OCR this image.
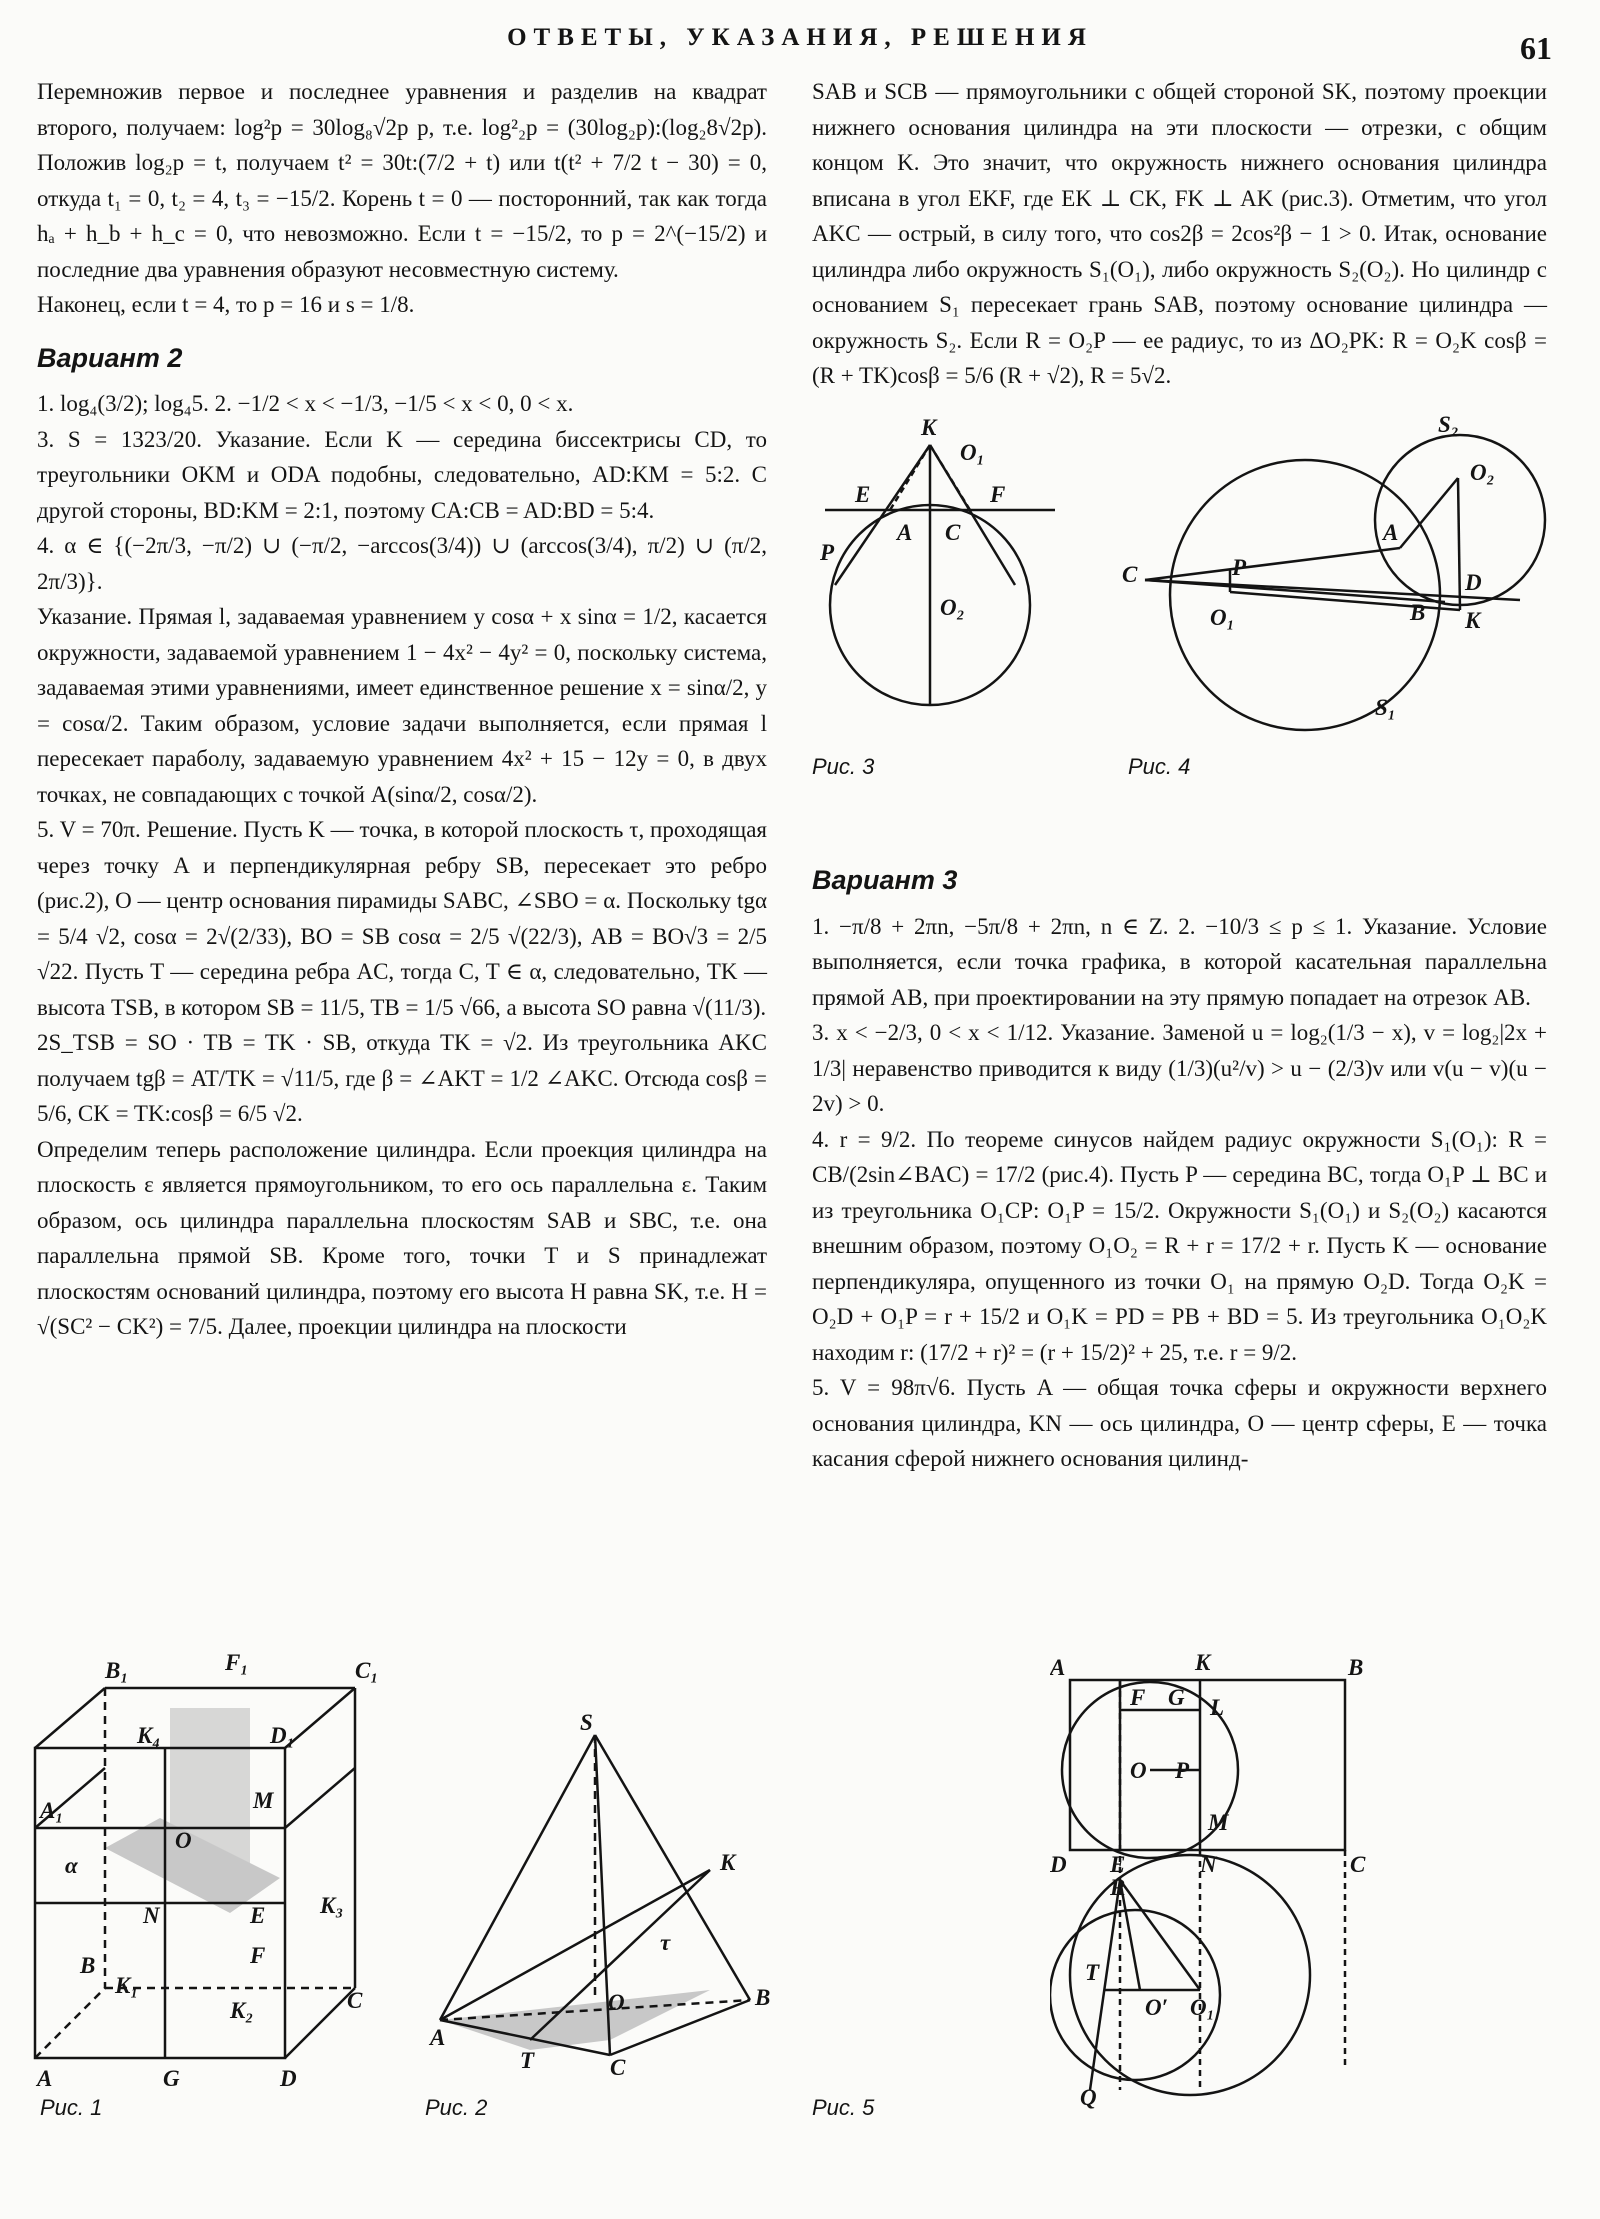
ОТВЕТЫ, УКАЗАНИЯ, РЕШЕНИЯ	61

Перемножив первое и последнее уравнения и разделив на квадрат второго, получаем: log²p = 30log₈√2p p, т.е. log²₂p = (30log₂p):(log₂8√2p). Положив log₂p = t, получаем t² = 30t:(7/2 + t) или t(t² + 7/2 t − 30) = 0, откуда t₁ = 0, t₂ = 4, t₃ = −15/2. Корень t = 0 — посторонний, так как тогда hₐ + h_b + h_c = 0, что невозможно. Если t = −15/2, то p = 2^(−15/2) и последние два уравнения образуют несовместную систему.

Наконец, если t = 4, то p = 16 и s = 1/8.

Вариант 2

1. log₄(3/2); log₄5. 2. −1/2 < x < −1/3, −1/5 < x < 0, 0 < x.

3. S = 1323/20. Указание. Если K — середина биссектрисы CD, то треугольники OKM и ODA подобны, следовательно, AD:KM = 5:2. С другой стороны, BD:KM = 2:1, поэтому CA:CB = AD:BD = 5:4.

4. α ∈ {(−2π/3, −π/2) ∪ (−π/2, −arccos(3/4)) ∪ (arccos(3/4), π/2) ∪ (π/2, 2π/3)}.

Указание. Прямая l, задаваемая уравнением y cosα + x sinα = 1/2, касается окружности, задаваемой уравнением 1 − 4x² − 4y² = 0, поскольку система, задаваемая этими уравнениями, имеет единственное решение x = sinα/2, y = cosα/2. Таким образом, условие задачи выполняется, если прямая l пересекает параболу, задаваемую уравнением 4x² + 15 − 12y = 0, в двух точках, не совпадающих с точкой A(sinα/2, cosα/2).

5. V = 70π. Решение. Пусть K — точка, в которой плоскость τ, проходящая через точку A и перпендикулярная ребру SB, пересекает это ребро (рис.2), O — центр основания пирамиды SABC, ∠SBO = α. Поскольку tgα = 5/4 √2, cosα = 2√(2/33), BO = SB cosα = 2/5 √(22/3), AB = BO√3 = 2/5 √22. Пусть T — середина ребра AC, тогда C, T ∈ α, следовательно, TK — высота TSB, в котором SB = 11/5, TB = 1/5 √66, а высота SO равна √(11/3).

2S_TSB = SO · TB = TK · SB, откуда TK = √2. Из треугольника AKC получаем tgβ = AT/TK = √11/5, где β = ∠AKT = 1/2 ∠AKC. Отсюда cosβ = 5/6, CK = TK:cosβ = 6/5 √2.

Определим теперь расположение цилиндра. Если проекция цилиндра на плоскость ε является прямоугольником, то его ось параллельна ε. Таким образом, ось цилиндра параллельна плоскостям SAB и SBC, т.е. она параллельна прямой SB. Кроме того, точки T и S принадлежат плоскостям оснований цилиндра, поэтому его высота H равна SK, т.е. H = √(SC² − CK²) = 7/5. Далее, проекции цилиндра на плоскости

SAB и SCB — прямоугольники с общей стороной SK, поэтому проекции нижнего основания цилиндра на эти плоскости — отрезки, с общим концом K. Это значит, что окружность нижнего основания цилиндра вписана в угол EKF, где EK ⊥ CK, FK ⊥ AK (рис.3). Отметим, что угол AKC — острый, в силу того, что cos2β = 2cos²β − 1 > 0. Итак, основание цилиндра либо окружность S₁(O₁), либо окружность S₂(O₂). Но цилиндр с основанием S₁ пересекает грань SAB, поэтому основание цилиндра — окружность S₂. Если R = O₂P — ее радиус, то из ΔO₂PK: R = O₂K cosβ = (R + TK)cosβ = 5/6 (R + √2), R = 5√2.

Вариант 3

1. −π/8 + 2πn, −5π/8 + 2πn, n ∈ Z. 2. −10/3 ≤ p ≤ 1. Указание. Условие выполняется, если точка графика, в которой касательная параллельна прямой AB, при проектировании на эту прямую попадает на отрезок AB.

3. x < −2/3, 0 < x < 1/12. Указание. Заменой u = log₂(1/3 − x), v = log₂|2x + 1/3| неравенство приводится к виду (1/3)(u²/v) > u − (2/3)v или v(u − v)(u − 2v) > 0.

4. r = 9/2. По теореме синусов найдем радиус окружности S₁(O₁): R = CB/(2sin∠BAC) = 17/2 (рис.4). Пусть P — середина BC, тогда O₁P ⊥ BC и из треугольника O₁CP: O₁P = 15/2. Окружности S₁(O₁) и S₂(O₂) касаются внешним образом, поэтому O₁O₂ = R + r = 17/2 + r. Пусть K — основание перпендикуляра, опущенного из точки O₁ на прямую O₂D. Тогда O₂K = O₂D + O₁P = r + 15/2 и O₁K = PD = PB + BD = 5. Из треугольника O₁O₂K находим r: (17/2 + r)² = (r + 15/2)² + 25, т.е. r = 9/2.

5. V = 98π√6. Пусть A — общая точка сферы и окружности верхнего основания цилиндра, KN — ось цилиндра, O — центр сферы, E — точка касания сферой нижнего основания цилинд-

K
O₁
E	F
A C
P
O₂
Рис. 3
S₂
O₂
A
C	P
D
O₁	B K
S₁
Рис. 4
B₁	F₁	C₁
K₄	D₁
A₁	M
O
α
N	E K₃
B	F
K₁
K₂	C
A	G	D
Рис. 1
S
K
τ
O
A
T	C
B
Рис. 2
A	K	B
F G L
O P
M
D E	N	C
R
T
O′ O₁
Q
Рис. 5
